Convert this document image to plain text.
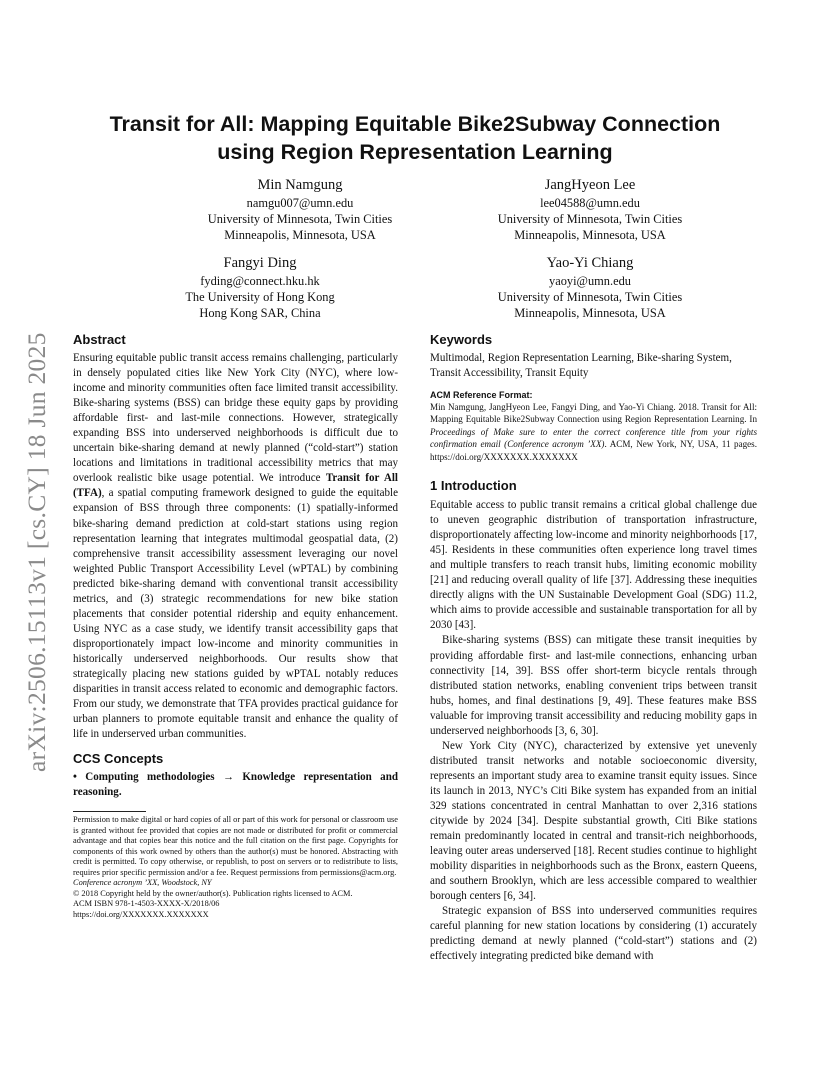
arXiv:2506.15113v1 [cs.CY] 18 Jun 2025
Transit for All: Mapping Equitable Bike2Subway Connection
using Region Representation Learning
Min Namgung
namgu007@umn.edu
University of Minnesota, Twin Cities
Minneapolis, Minnesota, USA
JangHyeon Lee
lee04588@umn.edu
University of Minnesota, Twin Cities
Minneapolis, Minnesota, USA
Fangyi Ding
fyding@connect.hku.hk
The University of Hong Kong
Hong Kong SAR, China
Yao-Yi Chiang
yaoyi@umn.edu
University of Minnesota, Twin Cities
Minneapolis, Minnesota, USA
Abstract

Ensuring equitable public transit access remains challenging, particularly in densely populated cities like New York City (NYC), where low-income and minority communities often face limited transit accessibility. Bike-sharing systems (BSS) can bridge these equity gaps by providing affordable first- and last-mile connections. However, strategically expanding BSS into underserved neighborhoods is difficult due to uncertain bike-sharing demand at newly planned (“cold-start”) station locations and limitations in traditional accessibility metrics that may overlook realistic bike usage potential. We introduce Transit for All (TFA), a spatial computing framework designed to guide the equitable expansion of BSS through three components: (1) spatially-informed bike-sharing demand prediction at cold-start stations using region representation learning that integrates multimodal geospatial data, (2) comprehensive transit accessibility assessment leveraging our novel weighted Public Transport Accessibility Level (wPTAL) by combining predicted bike-sharing demand with conventional transit accessibility metrics, and (3) strategic recommendations for new bike station placements that consider potential ridership and equity enhancement. Using NYC as a case study, we identify transit accessibility gaps that disproportionately impact low-income and minority communities in historically underserved neighborhoods. Our results show that strategically placing new stations guided by wPTAL notably reduces disparities in transit access related to economic and demographic factors. From our study, we demonstrate that TFA provides practical guidance for urban planners to promote equitable transit and enhance the quality of life in underserved urban communities.

CCS Concepts
• Computing methodologies → Knowledge representation and reasoning.
Permission to make digital or hard copies of all or part of this work for personal or classroom use is granted without fee provided that copies are not made or distributed for profit or commercial advantage and that copies bear this notice and the full citation on the first page. Copyrights for components of this work owned by others than the author(s) must be honored. Abstracting with credit is permitted. To copy otherwise, or republish, to post on servers or to redistribute to lists, requires prior specific permission and/or a fee. Request permissions from permissions@acm.org.
Conference acronym ’XX, Woodstock, NY
© 2018 Copyright held by the owner/author(s). Publication rights licensed to ACM.
ACM ISBN 978-1-4503-XXXX-X/2018/06
https://doi.org/XXXXXXX.XXXXXXX
Keywords
Multimodal, Region Representation Learning, Bike-sharing System, Transit Accessibility, Transit Equity
ACM Reference Format:
Min Namgung, JangHyeon Lee, Fangyi Ding, and Yao-Yi Chiang. 2018. Transit for All: Mapping Equitable Bike2Subway Connection using Region Representation Learning. In Proceedings of Make sure to enter the correct conference title from your rights confirmation email (Conference acronym ’XX). ACM, New York, NY, USA, 11 pages. https://doi.org/XXXXXXX.XXXXXXX
1 Introduction

Equitable access to public transit remains a critical global challenge due to uneven geographic distribution of transportation infrastructure, disproportionately affecting low-income and minority neighborhoods [17, 45]. Residents in these communities often experience long travel times and multiple transfers to reach transit hubs, limiting economic mobility [21] and reducing overall quality of life [37]. Addressing these inequities directly aligns with the UN Sustainable Development Goal (SDG) 11.2, which aims to provide accessible and sustainable transportation for all by 2030 [43].

Bike-sharing systems (BSS) can mitigate these transit inequities by providing affordable first- and last-mile connections, enhancing urban connectivity [14, 39]. BSS offer short-term bicycle rentals through distributed station networks, enabling convenient trips between transit hubs, homes, and final destinations [9, 49]. These features make BSS valuable for improving transit accessibility and reducing mobility gaps in underserved neighborhoods [3, 6, 30].

New York City (NYC), characterized by extensive yet unevenly distributed transit networks and notable socioeconomic diversity, represents an important study area to examine transit equity issues. Since its launch in 2013, NYC’s Citi Bike system has expanded from an initial 329 stations concentrated in central Manhattan to over 2,316 stations citywide by 2024 [34]. Despite substantial growth, Citi Bike stations remain predominantly located in central and transit-rich neighborhoods, leaving outer areas underserved [18]. Recent studies continue to highlight mobility disparities in neighborhoods such as the Bronx, eastern Queens, and southern Brooklyn, which are less accessible compared to wealthier borough centers [6, 34].

Strategic expansion of BSS into underserved communities requires careful planning for new station locations by considering (1) accurately predicting demand at newly planned (“cold-start”) stations and (2) effectively integrating predicted bike demand with
